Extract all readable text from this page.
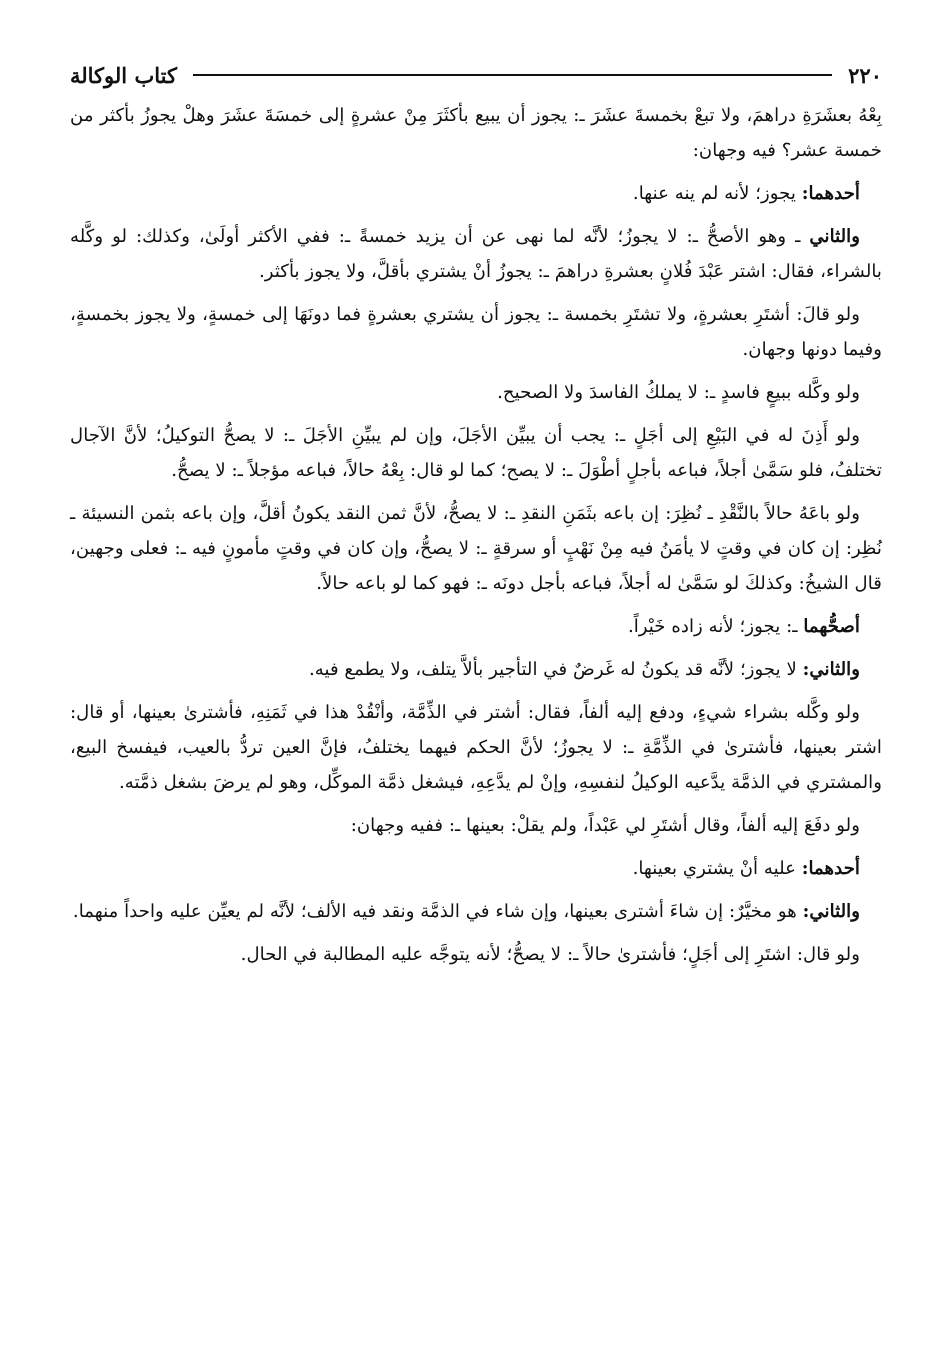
٢٢٠
كتاب الوكالة

بِعْهُ بعشَرَةِ دراهمَ، ولا تبعْ بخمسةَ عشَرَ ـ: يجوز أن يبيع بأكثَرَ مِنْ عشرةٍ إلى خمسَةَ عشَرَ وهلْ يجوزُ بأكثر من خمسة عشر؟ فيه وجهان:

أحدهما: يجوز؛ لأنه لم ينه عنها.

والثاني ـ وهو الأصحُّ ـ: لا يجوزُ؛ لأنَّه لما نهى عن أن يزيد خمسةً ـ: ففي الأكثر أولَىٰ، وكذلك: لو وكَّله بالشراء، فقال: اشتر عَبْدَ فُلانٍ بعشرةِ دراهمَ ـ: يجوزُ أنْ يشتري بأقلَّ، ولا يجوز بأكثر.

ولو قالَ: أشتَرِ بعشرةٍ، ولا تشتَرِ بخمسة ـ: يجوز أن يشتري بعشرةٍ فما دونَهَا إلى خمسةٍ، ولا يجوز بخمسةٍ، وفيما دونها وجهان.

ولو وكَّله ببيعٍ فاسدٍ ـ: لا يملكُ الفاسدَ ولا الصحيح.

ولو أَذِنَ له في البَيْعِ إلى أجَلٍ ـ: يجب أن يبيِّن الأجَلَ، وإن لم يبيِّنِ الأجَلَ ـ: لا يصحُّ التوكيلُ؛ لأنَّ الآجال تختلفُ، فلو سَمَّىٰ أجلاً، فباعه بأجلٍ أطْوَلَ ـ: لا يصح؛ كما لو قال: بِعْهُ حالاً، فباعه مؤجلاً ـ: لا يصحُّ.

ولو باعَهُ حالاً بالنَّقْدِ ـ نُظِرَ: إن باعه بثَمَنِ النقدِ ـ: لا يصحُّ، لأنَّ ثمن النقد يكونُ أقلَّ، وإن باعه بثمن النسيئة ـ نُظِر: إن كان في وقتٍ لا يأمَنُ فيه مِنْ نَهْبٍ أو سرقةٍ ـ: لا يصحُّ، وإن كان في وقتٍ مأمونٍ فيه ـ: فعلى وجهين، قال الشيخُ: وكذلكَ لو سَمَّىٰ له أجلاً، فباعه بأجل دونَه ـ: فهو كما لو باعه حالاً.

أصحُّهما ـ: يجوز؛ لأنه زاده خَيْراً.

والثاني: لا يجوز؛ لأنَّه قد يكونُ له غَرضٌ في التأجير بألاَّ يتلف، ولا يطمع فيه.

ولو وكَّله بشراء شيءٍ، ودفع إليه ألفاً، فقال: أشتر في الذِّمَّة، وأنْقُدْ هذا في ثَمَنِهِ، فأشترىٰ بعينها، أو قال: اشتر بعينها، فأشترىٰ في الذِّمَّةِ ـ: لا يجوزُ؛ لأنَّ الحكم فيهما يختلفُ، فإنَّ العين تردُّ بالعيب، فيفسخ البيع، والمشتري في الذمَّة يدَّعيه الوكيلُ لنفسِهِ، وإنْ لم يدَّعِهِ، فيشغل ذمَّة الموكِّل، وهو لم يرضَ بشغل ذمَّته.

ولو دفَعَ إليه ألفاً، وقال أشتَرِ لي عَبْداً، ولم يقلْ: بعينها ـ: ففيه وجهان:

أحدهما: عليه أنْ يشتري بعينها.

والثاني: هو مخيَّرٌ: إن شاءَ أشترى بعينها، وإن شاء في الذمَّة ونقد فيه الألف؛ لأنَّه لم يعيِّن عليه واحداً منهما.

ولو قال: اشتَرِ إلى أجَلٍ؛ فأشترىٰ حالاً ـ: لا يصحُّ؛ لأنه يتوجَّه عليه المطالبة في الحال.
